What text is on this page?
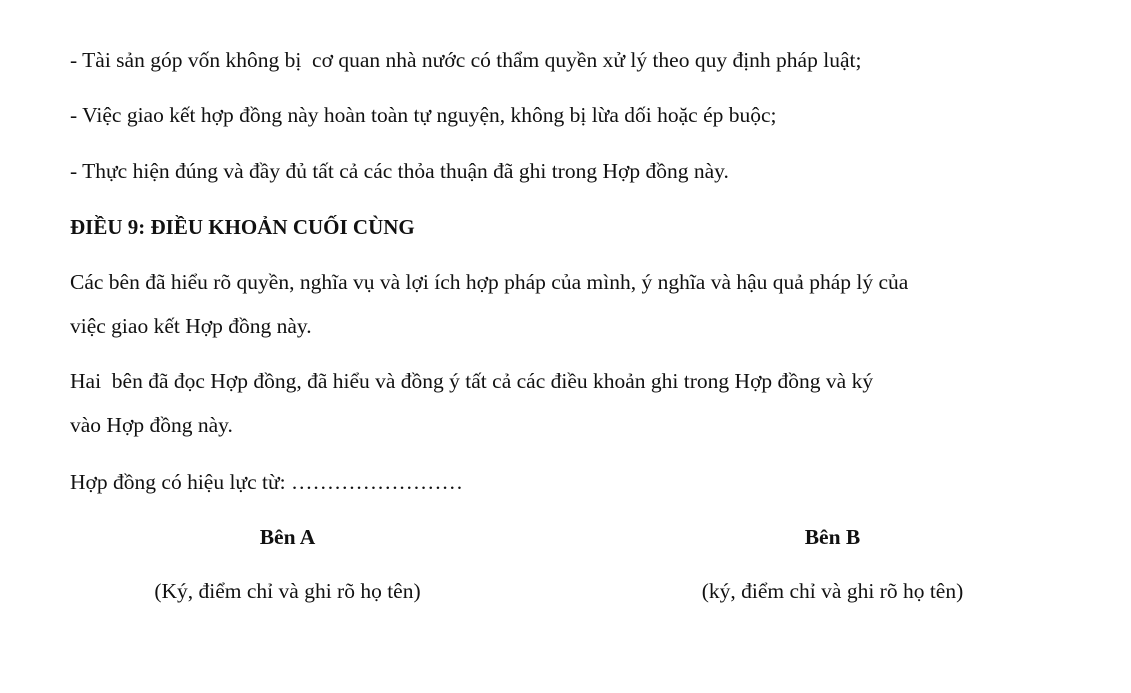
- Tài sản góp vốn không bị  cơ quan nhà nước có thẩm quyền xử lý theo quy định pháp luật;
- Việc giao kết hợp đồng này hoàn toàn tự nguyện, không bị lừa dối hoặc ép buộc;
- Thực hiện đúng và đầy đủ tất cả các thỏa thuận đã ghi trong Hợp đồng này.
ĐIỀU 9: ĐIỀU KHOẢN CUỐI CÙNG
Các bên đã hiểu rõ quyền, nghĩa vụ và lợi ích hợp pháp của mình, ý nghĩa và hậu quả pháp lý của
việc giao kết Hợp đồng này.
Hai  bên đã đọc Hợp đồng, đã hiểu và đồng ý tất cả các điều khoản ghi trong Hợp đồng và ký
vào Hợp đồng này.
Hợp đồng có hiệu lực từ: ……………………
Bên A
(Ký, điểm chỉ và ghi rõ họ tên)
Bên B
(ký, điểm chỉ và ghi rõ họ tên)
